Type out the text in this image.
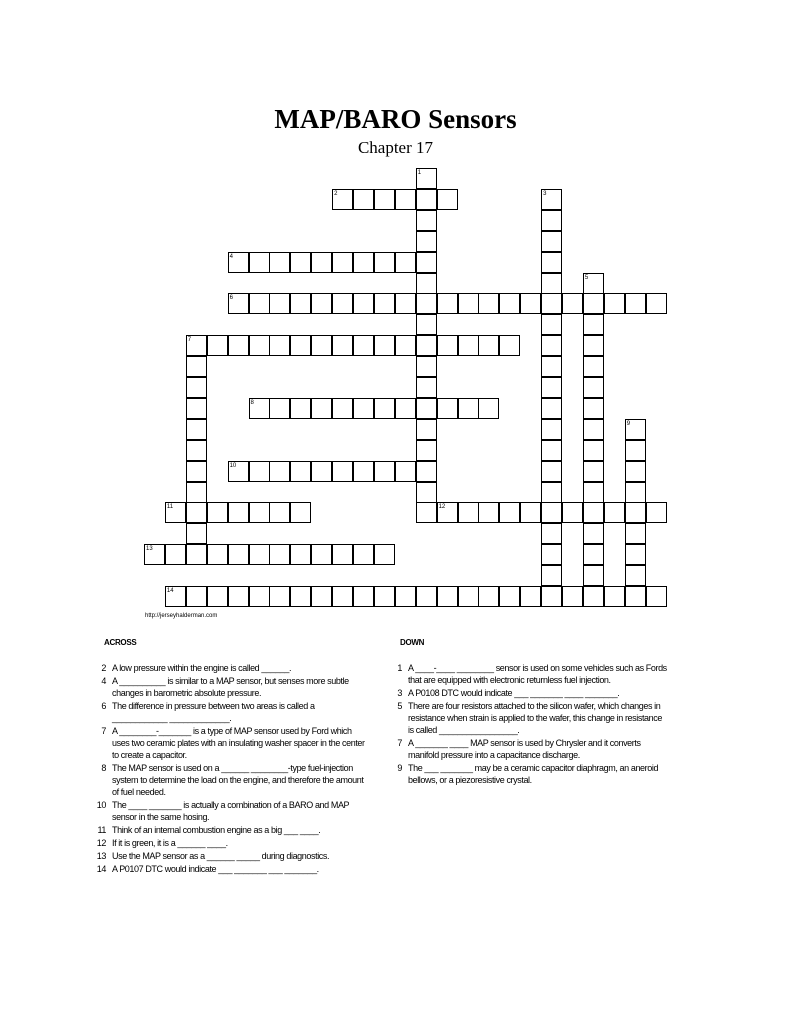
MAP/BARO Sensors
Chapter 17
1
2	3
4
5
6
7
8
9
10
11	12
13
14
http://jerseyhalderman.com
ACROSS	DOWN
2 A low pressure within the engine is called ______.
4 A __________ is similar to a MAP sensor, but senses more subtle changes in barometric absolute pressure.
6 The difference in pressure between two areas is called a ____________ _____________.
7 A ________-_______ is a type of MAP sensor used by Ford which uses two ceramic plates with an insulating washer spacer in the center to create a capacitor.
8 The MAP sensor is used on a ______ ________-type fuel-injection system to determine the load on the engine, and therefore the amount of fuel needed.
10 The ____ _______ is actually a combination of a BARO and MAP sensor in the same hosing.
11 Think of an internal combustion engine as a big ___ ____.
12 If it is green, it is a ______ ____.
13 Use the MAP sensor as a ______ _____ during diagnostics.
14 A P0107 DTC would indicate ___ _______ ___ _______.
1 A ____-____ ________ sensor is used on some vehicles such as Fords that are equipped with electronic returnless fuel injection.
3 A P0108 DTC would indicate ___ _______ ____ _______.
5 There are four resistors attached to the silicon wafer, which changes in resistance when strain is applied to the wafer, this change in resistance is called _________________.
7 A _______ ____ MAP sensor is used by Chrysler and it converts manifold pressure into a capacitance discharge.
9 The ___ _______ may be a ceramic capacitor diaphragm, an aneroid bellows, or a piezoresistive crystal.
